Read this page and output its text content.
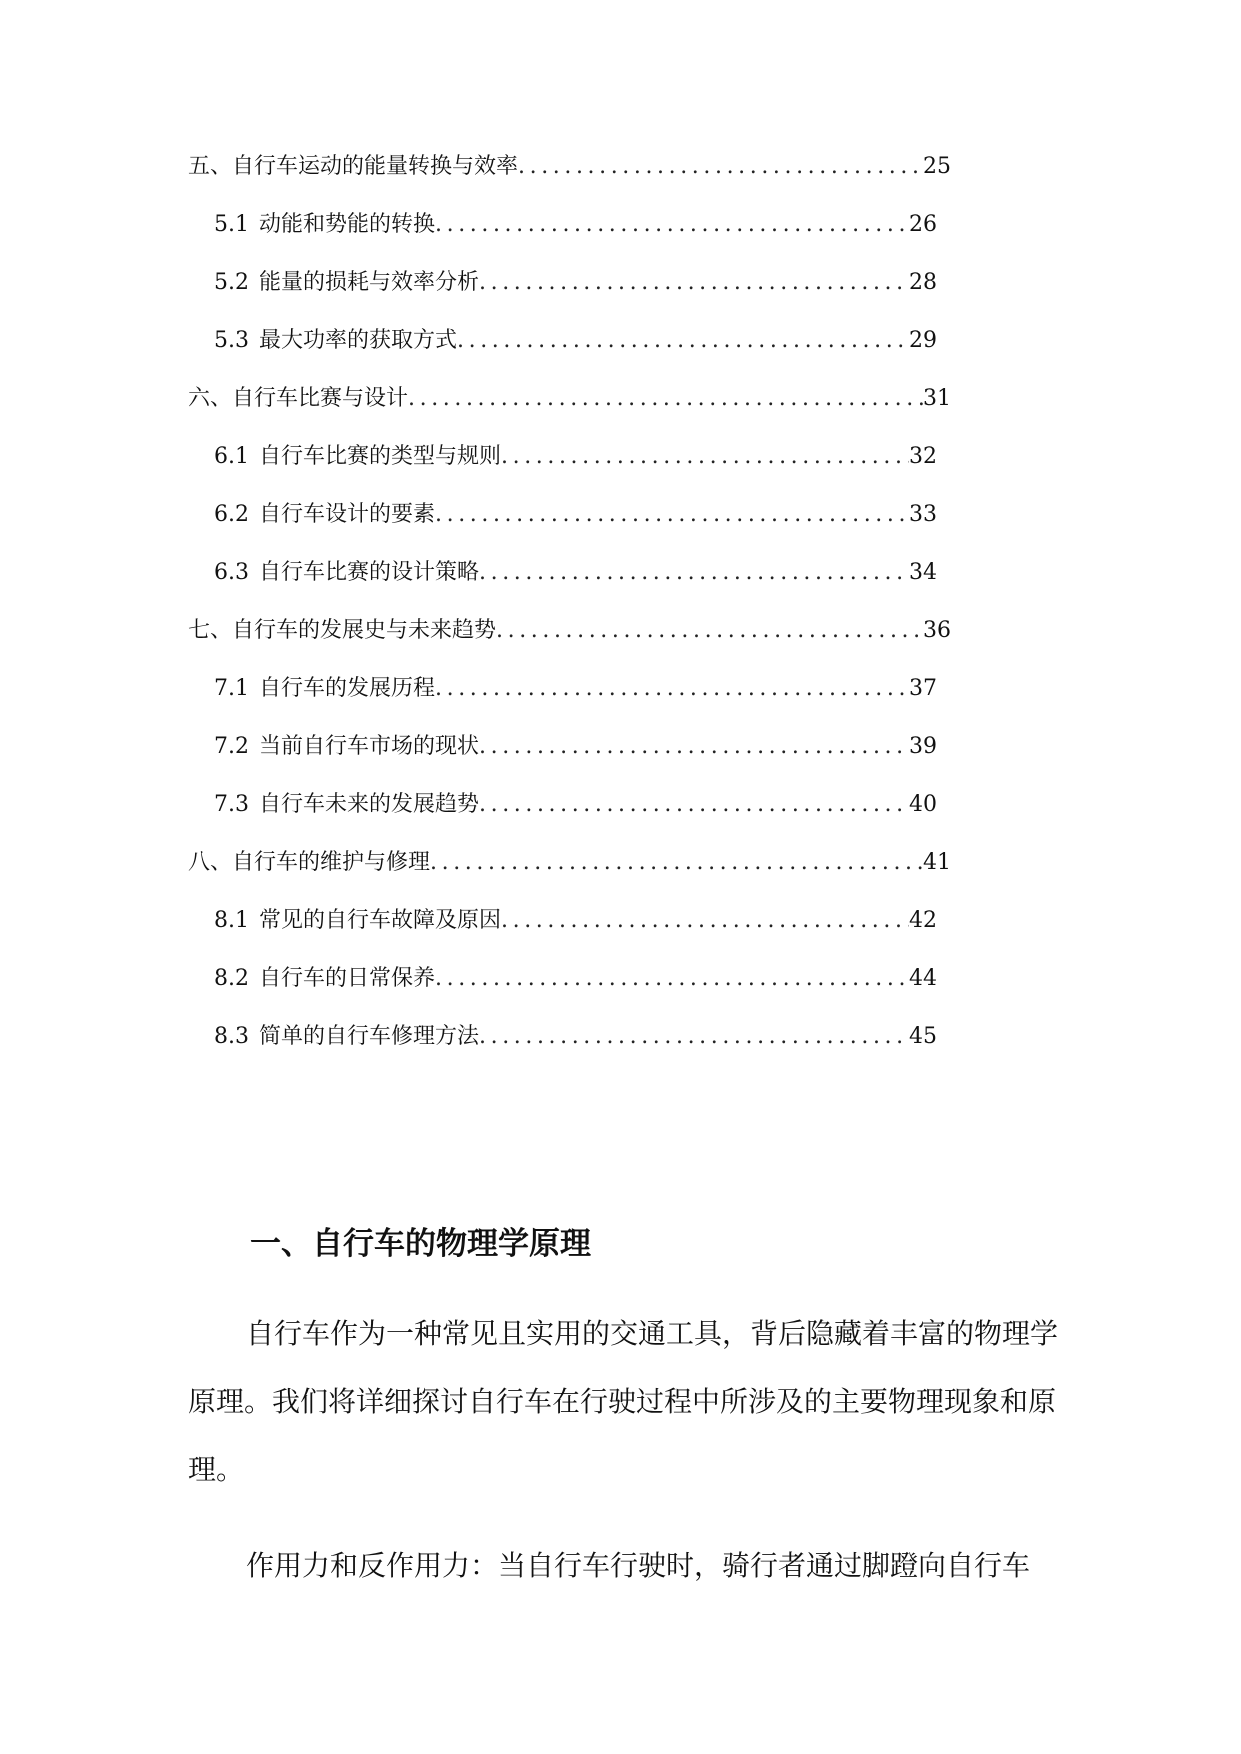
五、自行车运动的能量转换与效率 . . .	25
5.1 动能和势能的转换 . . .	26
5.2 能量的损耗与效率分析 . . .	28
5.3 最大功率的获取方式 . . .	29
六、自行车比赛与设计 . . .	31
6.1 自行车比赛的类型与规则 . . .	32
6.2 自行车设计的要素 . . .	33
6.3 自行车比赛的设计策略 . . .	34
七、自行车的发展史与未来趋势 . . .	36
7.1 自行车的发展历程 . . .	37
7.2 当前自行车市场的现状 . . .	39
7.3 自行车未来的发展趋势 . . .	40
八、自行车的维护与修理 . . .	41
8.1 常见的自行车故障及原因 . . .	42
8.2 自行车的日常保养 . . .	44
8.3 简单的自行车修理方法 . . .	45
一、自行车的物理学原理

自行车作为一种常见且实用的交通工具，背后隐藏着丰富的物理学原理。我们将详细探讨自行车在行驶过程中所涉及的主要物理现象和原理。

作用力和反作用力：当自行车行驶时，骑行者通过脚蹬向自行车
